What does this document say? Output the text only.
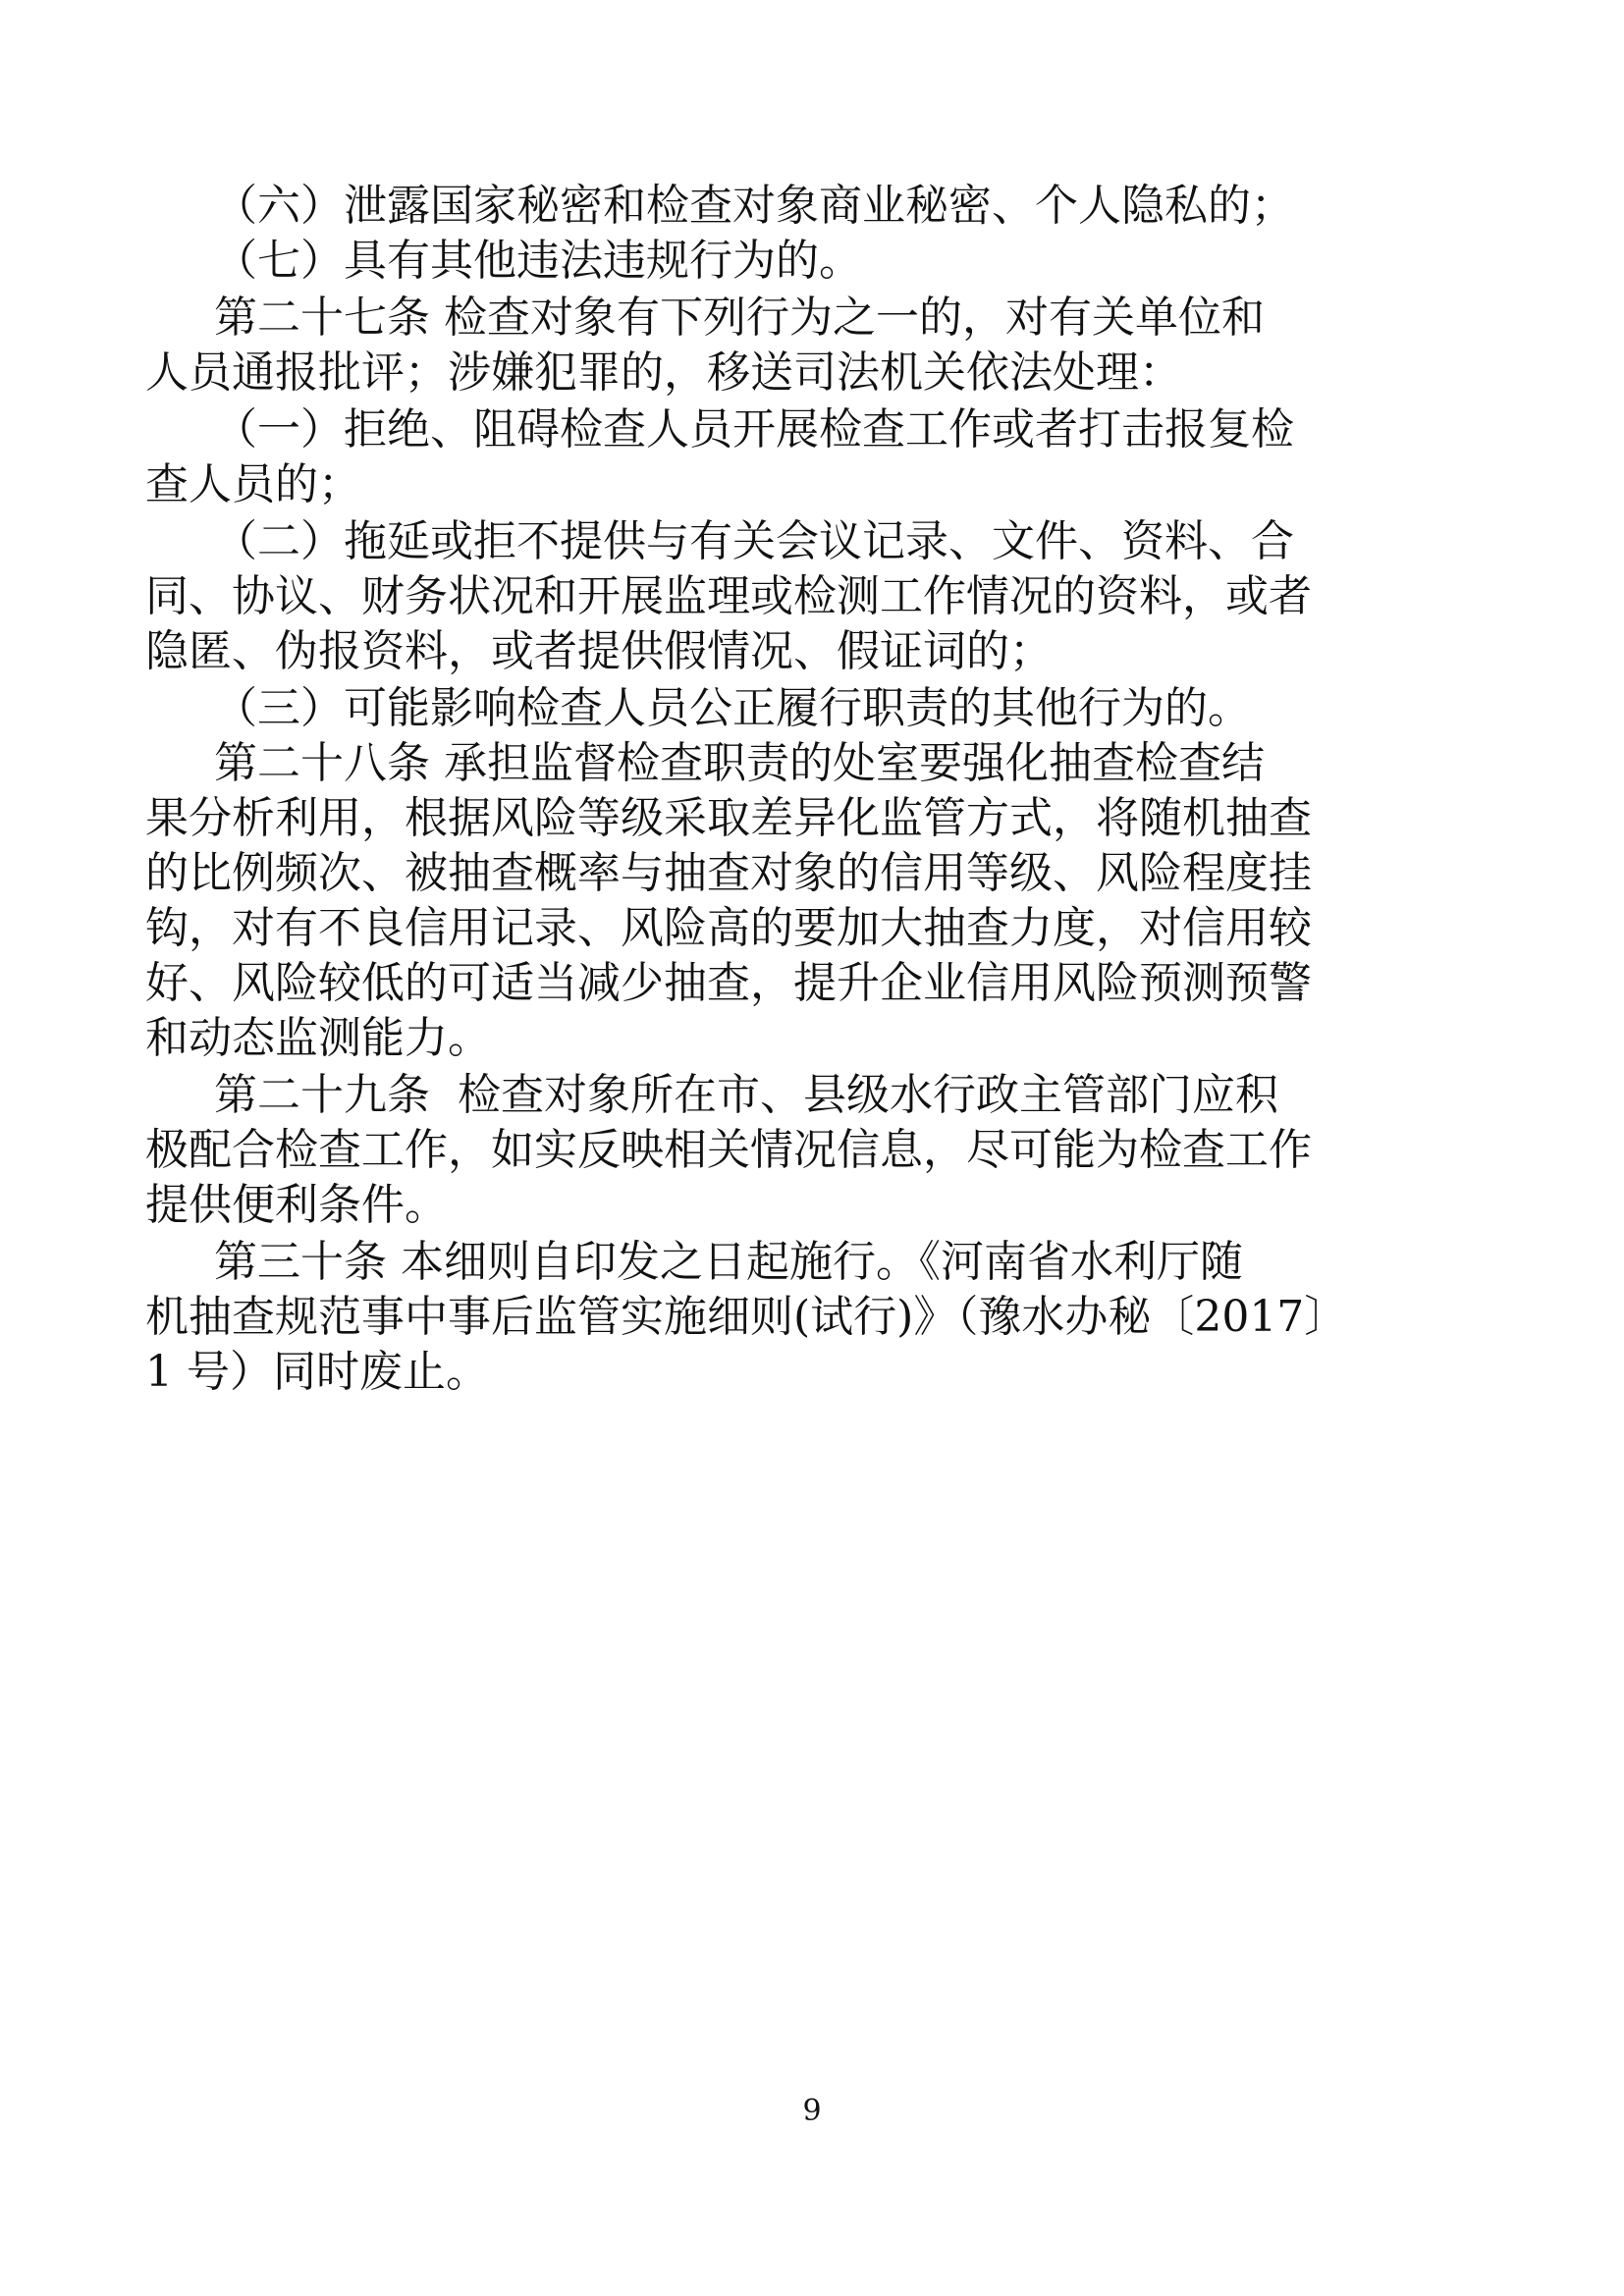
（六）泄露国家秘密和检查对象商业秘密、个人隐私的；

（七）具有其他违法违规行为的。

第二十七条 检查对象有下列行为之一的，对有关单位和

人员通报批评；涉嫌犯罪的，移送司法机关依法处理：

（一）拒绝、阻碍检查人员开展检查工作或者打击报复检

查人员的；

（二）拖延或拒不提供与有关会议记录、文件、资料、合

同、协议、财务状况和开展监理或检测工作情况的资料，或者

隐匿、伪报资料，或者提供假情况、假证词的；

（三）可能影响检查人员公正履行职责的其他行为的。

第二十八条 承担监督检查职责的处室要强化抽查检查结

果分析利用，根据风险等级采取差异化监管方式，将随机抽查

的比例频次、被抽查概率与抽查对象的信用等级、风险程度挂

钩，对有不良信用记录、风险高的要加大抽查力度，对信用较

好、风险较低的可适当减少抽查，提升企业信用风险预测预警

和动态监测能力。

第二十九条  检查对象所在市、县级水行政主管部门应积

极配合检查工作，如实反映相关情况信息，尽可能为检查工作

提供便利条件。

第三十条 本细则自印发之日起施行。《河南省水利厅随

机抽查规范事中事后监管实施细则(试行)》（豫水办秘〔2017〕

1 号）同时废止。

9
